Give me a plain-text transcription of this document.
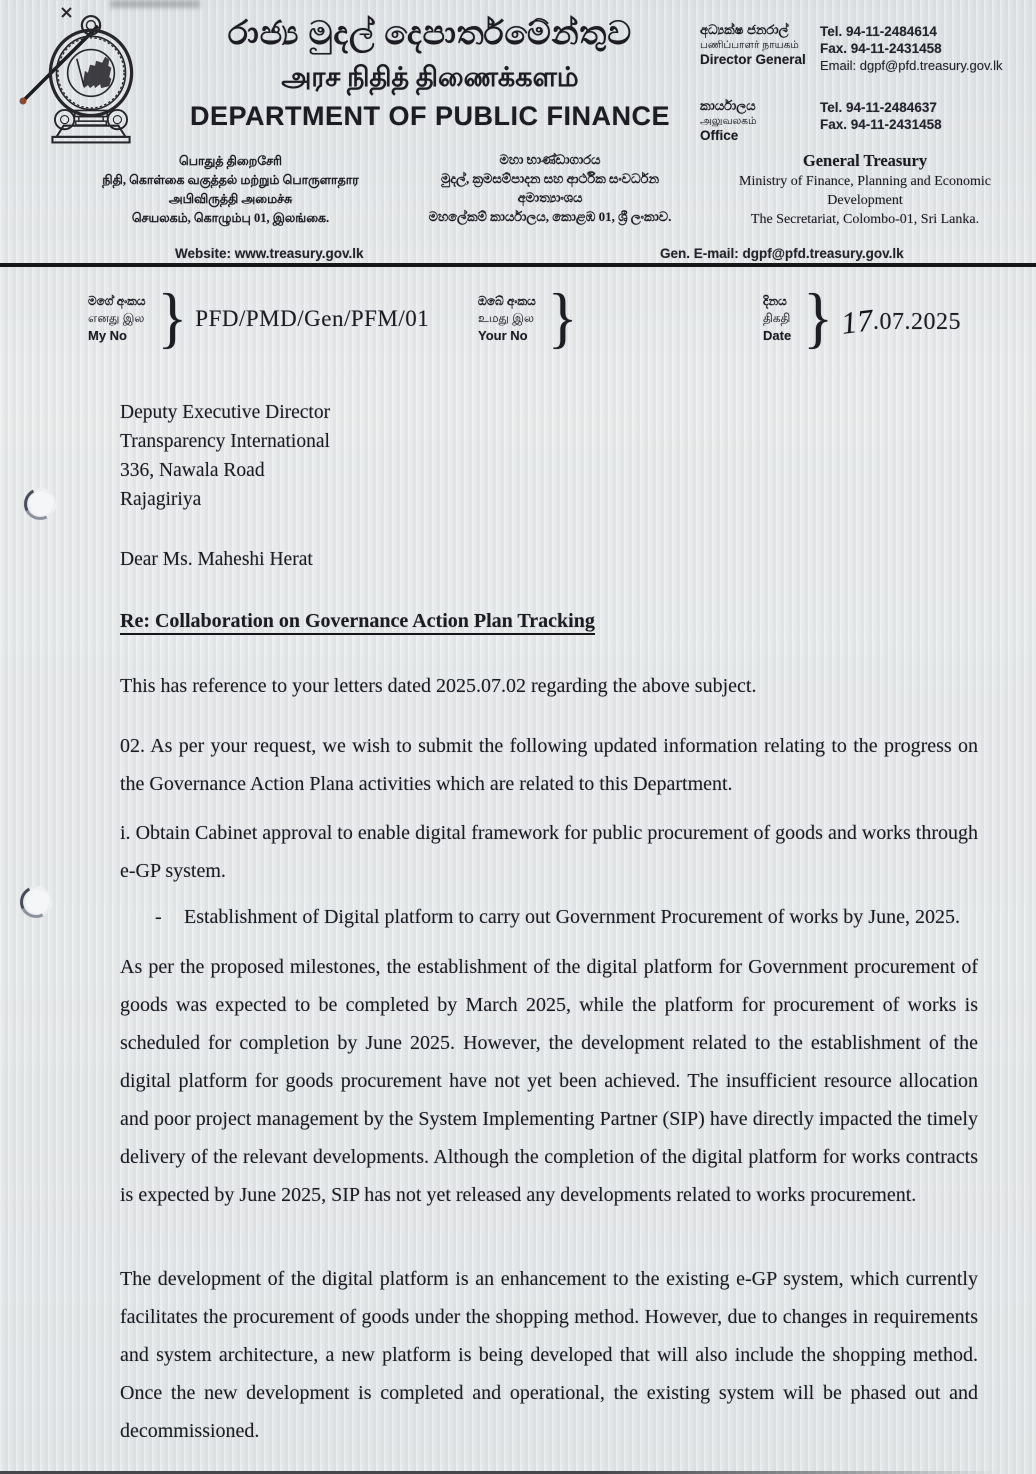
රාජ්‍ය මුදල් දෙපාර්තමේන්තුව
அரச நிதித் திணைக்களம்
DEPARTMENT OF PUBLIC FINANCE
අධ්‍යක්ෂ ජනරාල්
பணிப்பாளர் நாயகம்
Director General
Tel. 94-11-2484614
Fax. 94-11-2431458
Email: dgpf@pfd.treasury.gov.lk
කාර්යාලය
அலுவலகம்
Office
Tel. 94-11-2484637
Fax. 94-11-2431458
பொதுத் திறைசேரி
நிதி, கொள்கை வகுத்தல் மற்றும் பொருளாதார
அபிவிருத்தி அமைச்சு
செயலகம், கொழும்பு 01, இலங்கை.
මහා භාණ්ඩාගාරය
මුදල්, ක්‍රමසම්පාදන සහ ආර්ථික සංවර්ධන
අමාත්‍යාංශය
මහලේකම් කාර්යාලය, කොළඹ 01, ශ්‍රී ලංකාව.
General Treasury
Ministry of Finance, Planning and Economic Development
The Secretariat, Colombo-01, Sri Lanka.
Website: www.treasury.gov.lk	Gen. E-mail: dgpf@pfd.treasury.gov.lk
මගේ අංකය
எனது இல
My No } PFD/PMD/Gen/PFM/01
ඔබේ අංකය
உமது இல
Your No }	දිනය
திகதி
Date } 17.07.2025
Deputy Executive Director
Transparency International
336, Nawala Road
Rajagiriya
Dear Ms. Maheshi Herat
Re: Collaboration on Governance Action Plan Tracking
This has reference to your letters dated 2025.07.02 regarding the above subject.
02. As per your request, we wish to submit the following updated information relating to the progress on the Governance Action Plana activities which are related to this Department.
i. Obtain Cabinet approval to enable digital framework for public procurement of goods and works through e-GP system.
- Establishment of Digital platform to carry out Government Procurement of works by June, 2025.
As per the proposed milestones, the establishment of the digital platform for Government procurement of goods was expected to be completed by March 2025, while the platform for procurement of works is scheduled for completion by June 2025. However, the development related to the establishment of the digital platform for goods procurement have not yet been achieved. The insufficient resource allocation and poor project management by the System Implementing Partner (SIP) have directly impacted the timely delivery of the relevant developments. Although the completion of the digital platform for works contracts is expected by June 2025, SIP has not yet released any developments related to works procurement.
The development of the digital platform is an enhancement to the existing e-GP system, which currently facilitates the procurement of goods under the shopping method. However, due to changes in requirements and system architecture, a new platform is being developed that will also include the shopping method. Once the new development is completed and operational, the existing system will be phased out and decommissioned.
